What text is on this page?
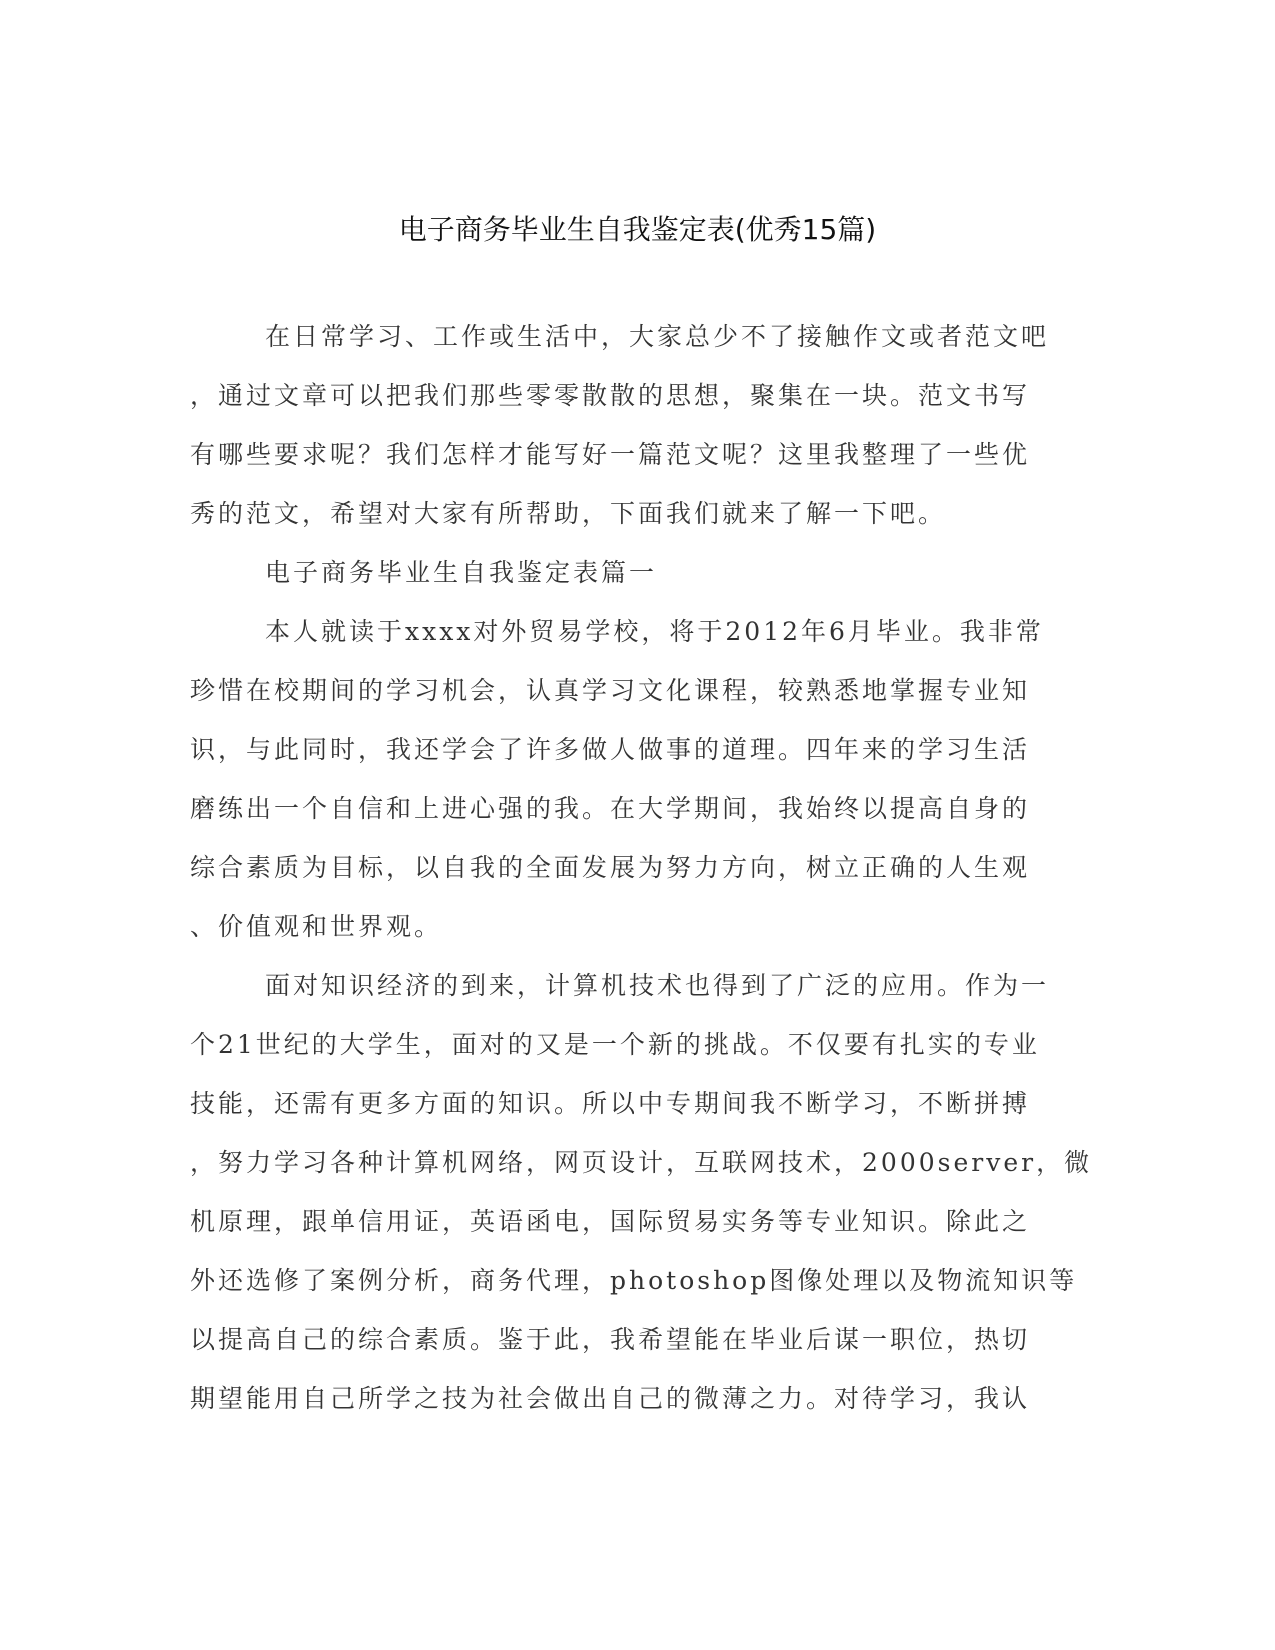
电子商务毕业生自我鉴定表(优秀15篇)
在日常学习、工作或生活中，大家总少不了接触作文或者范文吧
，通过文章可以把我们那些零零散散的思想，聚集在一块。范文书写
有哪些要求呢？我们怎样才能写好一篇范文呢？这里我整理了一些优
秀的范文，希望对大家有所帮助，下面我们就来了解一下吧。
电子商务毕业生自我鉴定表篇一
本人就读于xxxx对外贸易学校，将于2012年6月毕业。我非常
珍惜在校期间的学习机会，认真学习文化课程，较熟悉地掌握专业知
识，与此同时，我还学会了许多做人做事的道理。四年来的学习生活
磨练出一个自信和上进心强的我。在大学期间，我始终以提高自身的
综合素质为目标，以自我的全面发展为努力方向，树立正确的人生观
、价值观和世界观。
面对知识经济的到来，计算机技术也得到了广泛的应用。作为一
个21世纪的大学生，面对的又是一个新的挑战。不仅要有扎实的专业
技能，还需有更多方面的知识。所以中专期间我不断学习，不断拼搏
，努力学习各种计算机网络，网页设计，互联网技术，2000server，微
机原理，跟单信用证，英语函电，国际贸易实务等专业知识。除此之
外还选修了案例分析，商务代理，photoshop图像处理以及物流知识等
以提高自己的综合素质。鉴于此，我希望能在毕业后谋一职位，热切
期望能用自己所学之技为社会做出自己的微薄之力。对待学习，我认
